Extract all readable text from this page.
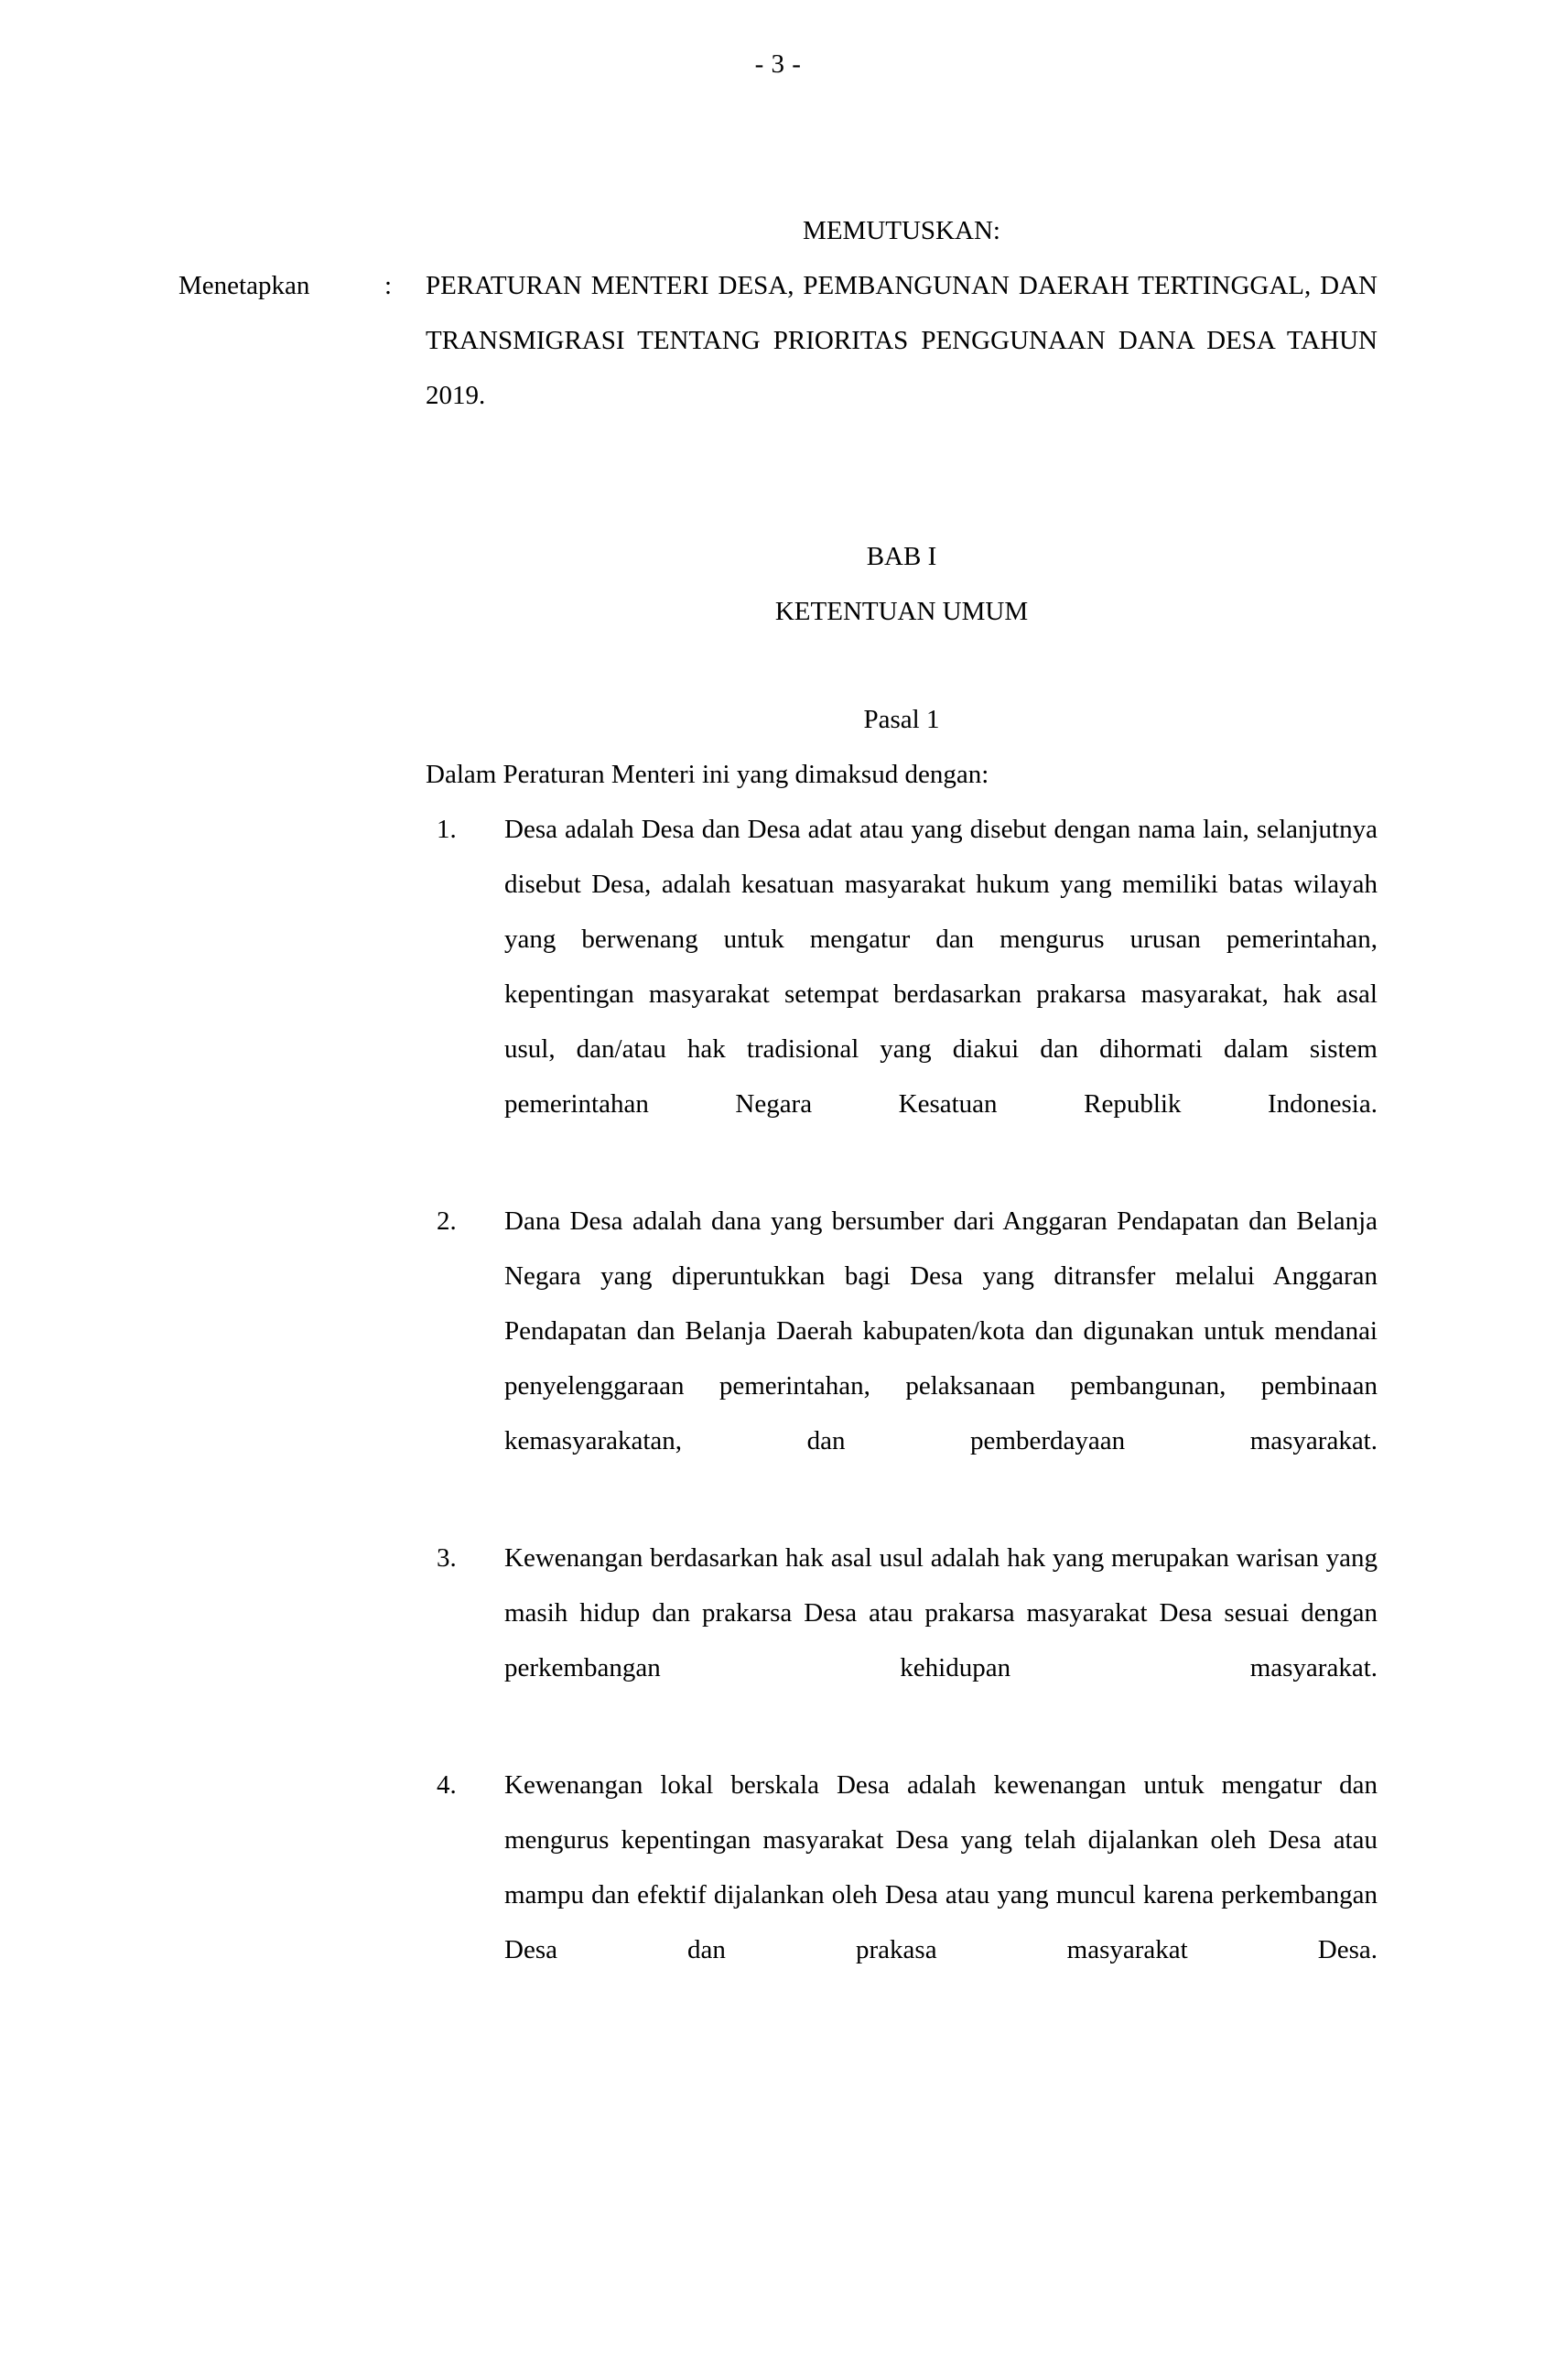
- 3 -
MEMUTUSKAN:
Menetapkan	:	PERATURAN MENTERI DESA, PEMBANGUNAN DAERAH TERTINGGAL, DAN TRANSMIGRASI TENTANG PRIORITAS PENGGUNAAN DANA DESA TAHUN 2019.
BAB I
KETENTUAN UMUM
Pasal 1
Dalam Peraturan Menteri ini yang dimaksud dengan:
1.	Desa adalah Desa dan Desa adat atau yang disebut dengan nama lain, selanjutnya disebut Desa, adalah kesatuan masyarakat hukum yang memiliki batas wilayah yang berwenang untuk mengatur dan mengurus urusan pemerintahan, kepentingan masyarakat setempat berdasarkan prakarsa masyarakat, hak asal usul, dan/atau hak tradisional yang diakui dan dihormati dalam sistem pemerintahan Negara Kesatuan Republik Indonesia.
2.	Dana Desa adalah dana yang bersumber dari Anggaran Pendapatan dan Belanja Negara yang diperuntukkan bagi Desa yang ditransfer melalui Anggaran Pendapatan dan Belanja Daerah kabupaten/kota dan digunakan untuk mendanai penyelenggaraan pemerintahan, pelaksanaan pembangunan, pembinaan kemasyarakatan, dan pemberdayaan masyarakat.
3.	Kewenangan berdasarkan hak asal usul adalah hak yang merupakan warisan yang masih hidup dan prakarsa Desa atau prakarsa masyarakat Desa sesuai dengan perkembangan kehidupan masyarakat.
4.	Kewenangan lokal berskala Desa adalah kewenangan untuk mengatur dan mengurus kepentingan masyarakat Desa yang telah dijalankan oleh Desa atau mampu dan efektif dijalankan oleh Desa atau yang muncul karena perkembangan Desa dan prakasa masyarakat Desa.
